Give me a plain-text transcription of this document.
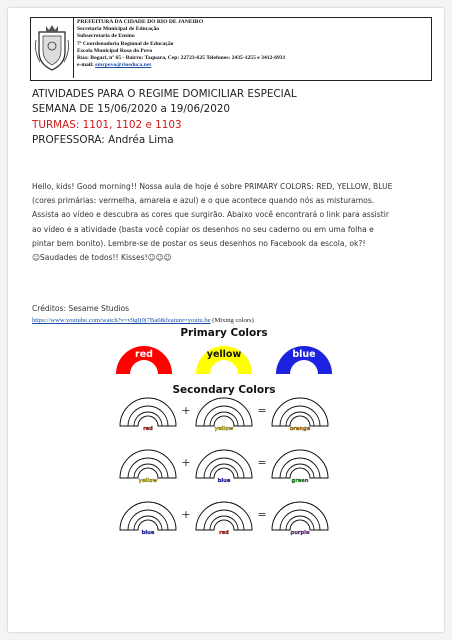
PREFEITURA DA CIDADE DO RIO DE JANEIRO
Secretaria Municipal de Educação
Subsecretaria de Ensino
7ª Coordenadoria Regional de Educação
Escola Municipal Rosa do Povo
Rua: Bogari, nº 65 - Bairro: Taquara, Cep: 22723-625 Telefones: 2435-1255 e 3412-6931
e-mail: emrpovo@rioeduca.net
ATIVIDADES PARA O REGIME DOMICILIAR ESPECIAL
SEMANA DE 15/06/2020 a 19/06/2020
TURMAS: 1101, 1102 e 1103
PROFESSORA: Andréa Lima
Hello, kids! Good morning!! Nossa aula de hoje é sobre PRIMARY COLORS: RED, YELLOW, BLUE
(cores primárias: vermelha, amarela e azul) e o que acontece quando nós as misturamos.
Assista ao vídeo e descubra as cores que surgirão. Abaixo você encontrará o link para assistir
ao vídeo e a atividade (basta você copiar os desenhos no seu caderno ou em uma folha e
pintar bem bonito). Lembre-se de postar os seus desenhos no Facebook da escola, ok?!
☺Saudades de todos!! Kisses!☺☺☺
Créditos: Sesame Studios
https://www.youtube.com/watch?v=v9gIj0j7Ba0&feature=youtu.be (Mixing colors)
Primary Colors
red	yellow	blue
Secondary Colors
red	yellow	orange
+	=
yellow	blue	green
+	=
blue	red	purple
+	=
